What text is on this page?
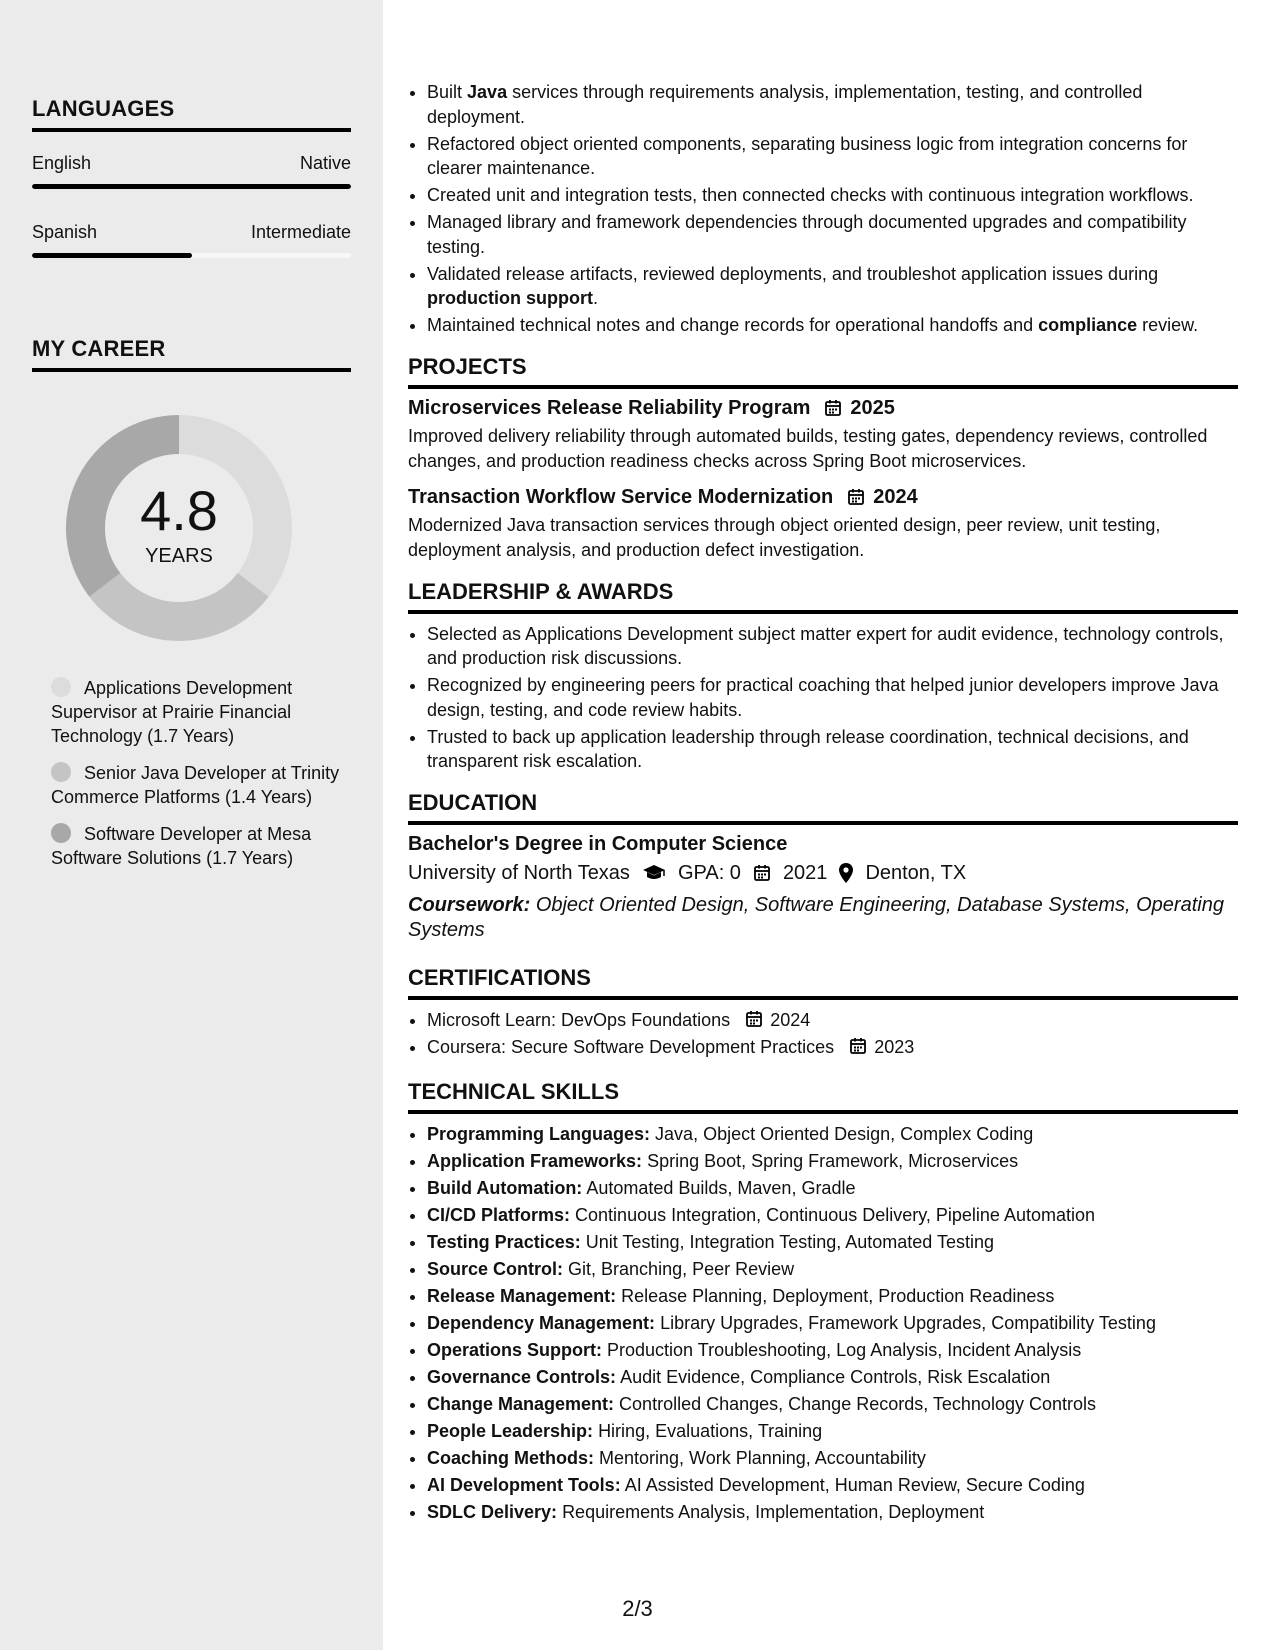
LANGUAGES
English	Native
Spanish	Intermediate
MY CAREER
4.8
YEARS
Applications Development Supervisor at Prairie Financial Technology (1.7 Years)
Senior Java Developer at Trinity Commerce Platforms (1.4 Years)
Software Developer at Mesa Software Solutions (1.7 Years)
• Built Java services through requirements analysis, implementation, testing, and controlled deployment.
• Refactored object oriented components, separating business logic from integration concerns for clearer maintenance.
• Created unit and integration tests, then connected checks with continuous integration workflows.
• Managed library and framework dependencies through documented upgrades and compatibility testing.
• Validated release artifacts, reviewed deployments, and troubleshot application issues during production support.
• Maintained technical notes and change records for operational handoffs and compliance review.
PROJECTS
Microservices Release Reliability Program 2025
Improved delivery reliability through automated builds, testing gates, dependency reviews, controlled changes, and production readiness checks across Spring Boot microservices.
Transaction Workflow Service Modernization 2024
Modernized Java transaction services through object oriented design, peer review, unit testing, deployment analysis, and production defect investigation.
LEADERSHIP & AWARDS
• Selected as Applications Development subject matter expert for audit evidence, technology controls, and production risk discussions.
• Recognized by engineering peers for practical coaching that helped junior developers improve Java design, testing, and code review habits.
• Trusted to back up application leadership through release coordination, technical decisions, and transparent risk escalation.
EDUCATION
Bachelor's Degree in Computer Science
University of North Texas GPA: 0 2021 Denton, TX
Coursework: Object Oriented Design, Software Engineering, Database Systems, Operating Systems
CERTIFICATIONS
• Microsoft Learn: DevOps Foundations 2024
• Coursera: Secure Software Development Practices 2023
TECHNICAL SKILLS
• Programming Languages: Java, Object Oriented Design, Complex Coding
• Application Frameworks: Spring Boot, Spring Framework, Microservices
• Build Automation: Automated Builds, Maven, Gradle
• CI/CD Platforms: Continuous Integration, Continuous Delivery, Pipeline Automation
• Testing Practices: Unit Testing, Integration Testing, Automated Testing
• Source Control: Git, Branching, Peer Review
• Release Management: Release Planning, Deployment, Production Readiness
• Dependency Management: Library Upgrades, Framework Upgrades, Compatibility Testing
• Operations Support: Production Troubleshooting, Log Analysis, Incident Analysis
• Governance Controls: Audit Evidence, Compliance Controls, Risk Escalation
• Change Management: Controlled Changes, Change Records, Technology Controls
• People Leadership: Hiring, Evaluations, Training
• Coaching Methods: Mentoring, Work Planning, Accountability
• AI Development Tools: AI Assisted Development, Human Review, Secure Coding
• SDLC Delivery: Requirements Analysis, Implementation, Deployment
2/3
